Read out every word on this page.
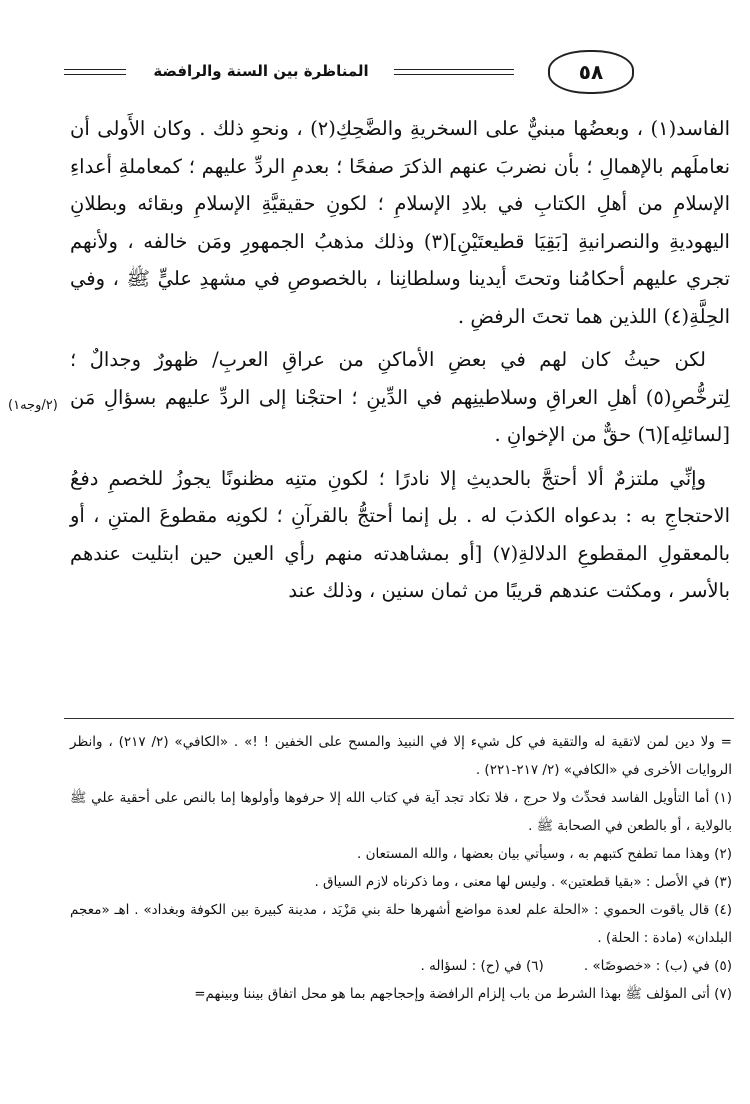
المناظرة بين السنة والرافضة	٥٨
(٢/وجه١)

الفاسد(١) ، وبعضُها مبنيٌّ على السخريةِ والضَّحِكِ(٢) ، ونحوِ ذلك . وكان الأَولى أن نعاملَهم بالإهمالِ ؛ بأن نضربَ عنهم الذكرَ صفحًا ؛ بعدمِ الردِّ عليهم ؛ كمعاملةِ أعداءِ الإسلامِ من أهلِ الكتابِ في بلادِ الإسلامِ ؛ لكونِ حقيقيَّةِ الإسلامِ وبقائه وبطلانِ اليهوديةِ والنصرانيةِ [بَقِيَا قطيعتَيْنِ](٣) وذلك مذهبُ الجمهورِ ومَن خالفه ، ولأنهم تجري عليهم أحكامُنا وتحتَ أيدينا وسلطانِنا ، بالخصوصِ في مشهدِ عليٍّ ﷺ ، وفي الحِلَّةِ(٤) اللذين هما تحتَ الرفضِ .

لكن حيثُ كان لهم في بعضِ الأماكنِ من عراقِ العربِ/ ظهورٌ وجدالٌ ؛ لِترخُّصِ(٥) أهلِ العراقِ وسلاطينِهم في الدِّينِ ؛ احتجْنا إلى الردِّ عليهم بسؤالِ مَن [لسائلِه](٦) حقٌّ من الإخوانِ .

وإنِّي ملتزمٌ ألا أحتجَّ بالحديثِ إلا نادرًا ؛ لكونِ متنِه مظنونًا يجوزُ للخصمِ دفعُ الاحتجاجِ به : بدعواه الكذبَ له . بل إنما أحتجُّ بالقرآنِ ؛ لكونِه مقطوعَ المتنِ ، أو بالمعقولِ المقطوعِ الدلالةِ(٧) [أو بمشاهدته منهم رأي العين حين ابتليت عندهم بالأسر ، ومكثت عندهم قريبًا من ثمان سنين ، وذلك عند

= ولا دين لمن لاتقية له والتقية في كل شيء إلا في النبيذ والمسح على الخفين ! !» . «الكافي» (٢/ ٢١٧) ، وانظر الروايات الأخرى في «الكافي» (٢/ ٢١٧-٢٢١) .

(١) أما التأويل الفاسد فحدِّث ولا حرج ، فلا تكاد تجد آية في كتاب الله إلا حرفوها وأولوها إما بالنص على أحقية علي ﷺ بالولاية ، أو بالطعن في الصحابة ﷺ .

(٢) وهذا مما تطفح كتبهم به ، وسيأتي بيان بعضها ، والله المستعان .

(٣) في الأصل : «بقيا قطعتين» . وليس لها معنى ، وما ذكرناه لازم السياق .

(٤) قال ياقوت الحموي : «الحلة علم لعدة مواضع أشهرها حلة بني مَزْيَد ، مدينة كبيرة بين الكوفة وبغداد» . اهـ «معجم البلدان» (مادة : الحلة) .

(٥) في (ب) : «خصوصًا» .
(٦) في (ح) : لسؤاله .

(٧) أتى المؤلف ﷺ بهذا الشرط من باب إلزام الرافضة وإحجاجهم بما هو محل اتفاق بيننا وبينهم=
